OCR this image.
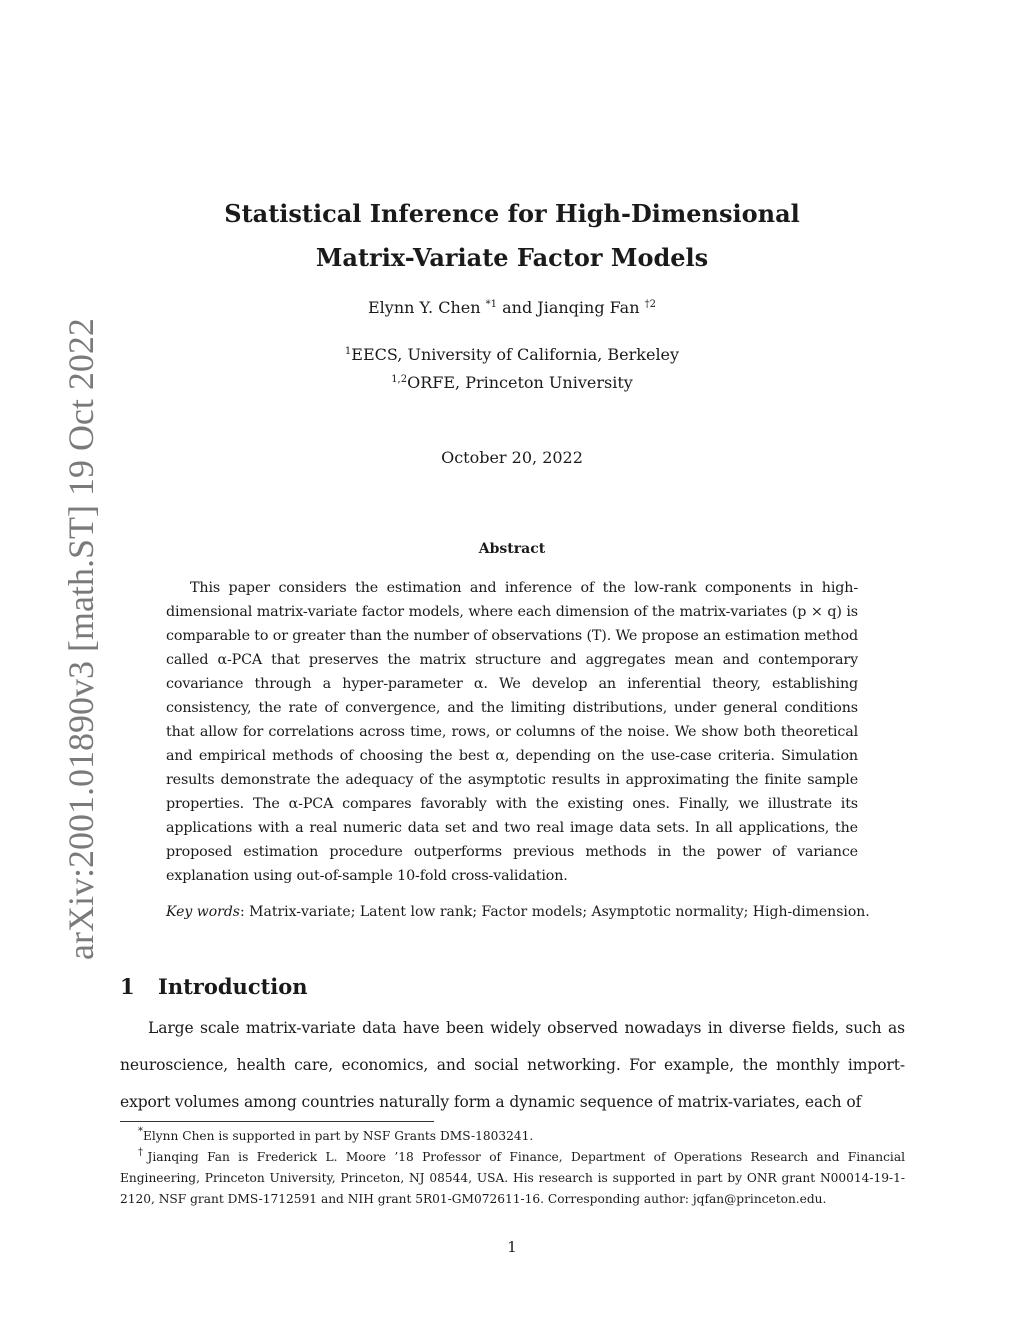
arXiv:2001.01890v3 [math.ST] 19 Oct 2022
Statistical Inference for High-Dimensional
Matrix-Variate Factor Models
Elynn Y. Chen $^{*1}$ and Jianqing Fan $^{\dagger 2}$
$^1$EECS, University of California, Berkeley
$^{1,2}$ORFE, Princeton University
October 20, 2022
Abstract

This paper considers the estimation and inference of the low-rank components in high-dimensional matrix-variate factor models, where each dimension of the matrix-variates (p × q) is comparable to or greater than the number of observations (T). We propose an estimation method called α-PCA that preserves the matrix structure and aggregates mean and contemporary covariance through a hyper-parameter α. We develop an inferential theory, establishing consistency, the rate of convergence, and the limiting distributions, under general conditions that allow for correlations across time, rows, or columns of the noise. We show both theoretical and empirical methods of choosing the best α, depending on the use-case criteria. Simulation results demonstrate the adequacy of the asymptotic results in approximating the finite sample properties. The α-PCA compares favorably with the existing ones. Finally, we illustrate its applications with a real numeric data set and two real image data sets. In all applications, the proposed estimation procedure outperforms previous methods in the power of variance explanation using out-of-sample 10-fold cross-validation.

Key words: Matrix-variate; Latent low rank; Factor models; Asymptotic normality; High-dimension.
1 Introduction

Large scale matrix-variate data have been widely observed nowadays in diverse fields, such as neuroscience, health care, economics, and social networking. For example, the monthly import-export volumes among countries naturally form a dynamic sequence of matrix-variates, each of

*Elynn Chen is supported in part by NSF Grants DMS-1803241.

†Jianqing Fan is Frederick L. Moore ’18 Professor of Finance, Department of Operations Research and Financial Engineering, Princeton University, Princeton, NJ 08544, USA. His research is supported in part by ONR grant N00014-19-1-2120, NSF grant DMS-1712591 and NIH grant 5R01-GM072611-16. Corresponding author: jqfan@princeton.edu.

1
